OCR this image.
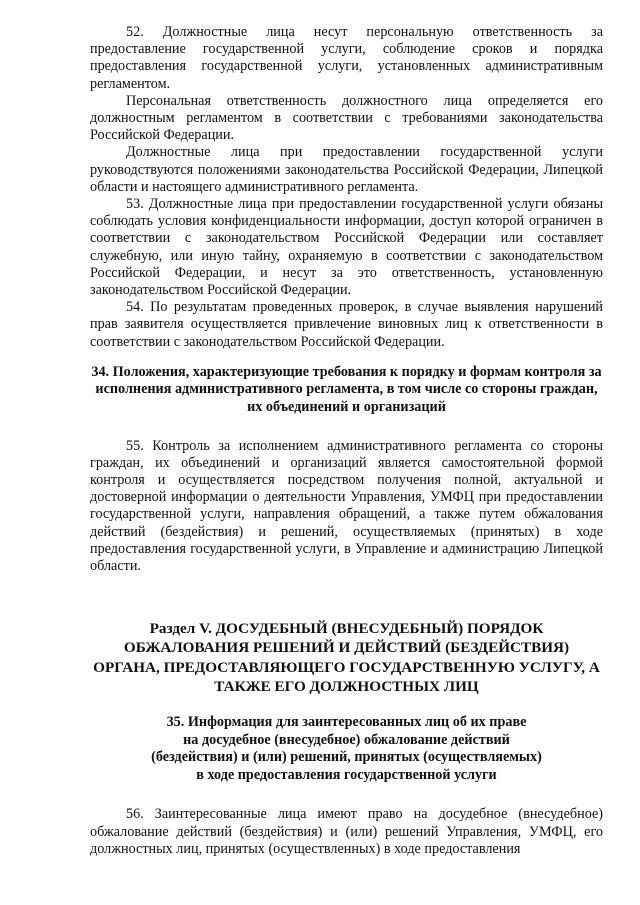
52. Должностные лица несут персональную ответственность за предоставление государственной услуги, соблюдение сроков и порядка предоставления государственной услуги, установленных административным регламентом.

Персональная ответственность должностного лица определяется его должностным регламентом в соответствии с требованиями законодательства Российской Федерации.

Должностные лица при предоставлении государственной услуги руководствуются положениями законодательства Российской Федерации, Липецкой области и настоящего административного регламента.

53. Должностные лица при предоставлении государственной услуги обязаны соблюдать условия конфиденциальности информации, доступ которой ограничен в соответствии с законодательством Российской Федерации или составляет служебную, или иную тайну, охраняемую в соответствии с законодательством Российской Федерации, и несут за это ответственность, установленную законодательством Российской Федерации.

54. По результатам проведенных проверок, в случае выявления нарушений прав заявителя осуществляется привлечение виновных лиц к ответственности в соответствии с законодательством Российской Федерации.

34. Положения, характеризующие требования к порядку и формам контроля за исполнения административного регламента, в том числе со стороны граждан, их объединений и организаций

55. Контроль за исполнением административного регламента со стороны граждан, их объединений и организаций является самостоятельной формой контроля и осуществляется посредством получения полной, актуальной и достоверной информации о деятельности Управления, УМФЦ при предоставлении государственной услуги, направления обращений, а также путем обжалования действий (бездействия) и решений, осуществляемых (принятых) в ходе предоставления государственной услуги, в Управление и администрацию Липецкой области.

Раздел V. ДОСУДЕБНЫЙ (ВНЕСУДЕБНЫЙ) ПОРЯДОК

ОБЖАЛОВАНИЯ РЕШЕНИЙ И ДЕЙСТВИЙ (БЕЗДЕЙСТВИЯ)

ОРГАНА, ПРЕДОСТАВЛЯЮЩЕГО ГОСУДАРСТВЕННУЮ УСЛУГУ, А

ТАКЖЕ ЕГО ДОЛЖНОСТНЫХ ЛИЦ

35. Информация для заинтересованных лиц об их праве

на досудебное (внесудебное) обжалование действий

(бездействия) и (или) решений, принятых (осуществляемых)

в ходе предоставления государственной услуги

56. Заинтересованные лица имеют право на досудебное (внесудебное) обжалование действий (бездействия) и (или) решений Управления, УМФЦ, его должностных лиц, принятых (осуществленных) в ходе предоставления
